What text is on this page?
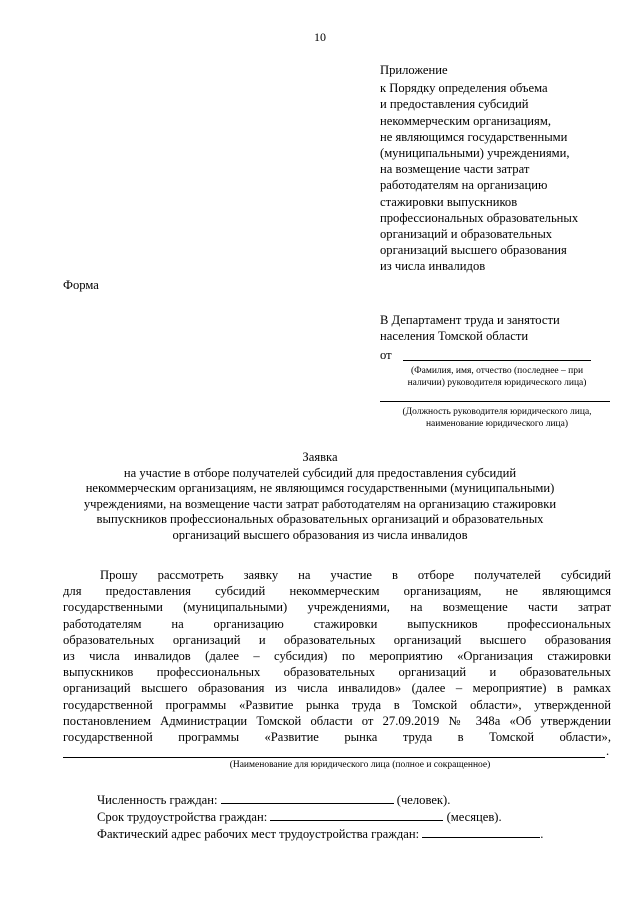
10
Приложение
к Порядку определения объема
и предоставления субсидий
некоммерческим организациям,
не являющимся государственными
(муниципальными) учреждениями,
на возмещение части затрат
работодателям на организацию
стажировки выпускников
профессиональных образовательных
организаций и образовательных
организаций высшего образования
из числа инвалидов
Форма
В Департамент труда и занятости
населения Томской области
от
(Фамилия, имя, отчество (последнее – при
наличии) руководителя юридического лица)
(Должность руководителя юридического лица,
наименование юридического лица)
Заявка
на участие в отборе получателей субсидий для предоставления субсидий
некоммерческим организациям, не являющимся государственными (муниципальными)
учреждениями, на возмещение части затрат работодателям на организацию стажировки
выпускников профессиональных образовательных организаций и образовательных
организаций высшего образования из числа инвалидов
Прошу рассмотреть заявку на участие в отборе получателей субсидий
для предоставления субсидий некоммерческим организациям, не являющимся
государственными (муниципальными) учреждениями, на возмещение части затрат
работодателям на организацию стажировки выпускников профессиональных
образовательных организаций и образовательных организаций высшего образования
из числа инвалидов (далее – субсидия) по мероприятию «Организация стажировки
выпускников профессиональных образовательных организаций и образовательных
организаций высшего образования из числа инвалидов» (далее – мероприятие) в рамках
государственной программы «Развитие рынка труда в Томской области», утвержденной
постановлением Администрации Томской области от 27.09.2019 № 348а «Об утверждении
государственной программы «Развитие рынка труда в Томской области»,
.
(Наименование для юридического лица (полное и сокращенное)
Численность граждан:	(человек).
Срок трудоустройства граждан:	(месяцев).
Фактический адрес рабочих мест трудоустройства граждан:	.
